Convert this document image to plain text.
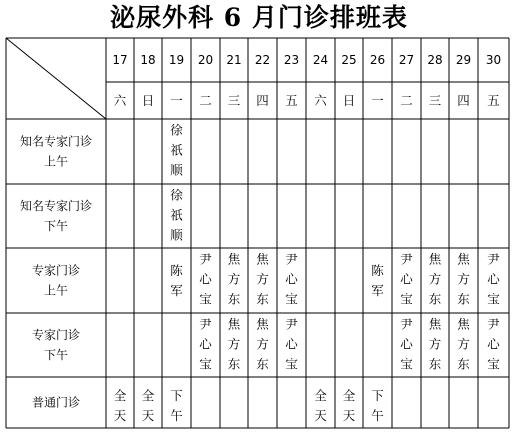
泌尿外科 6 月门诊排班表
17 18 19 20 21 22 23 24 25 26 27 28 29 30
六 日 一 二 三 四 五 六 日 一 二 三 四 五
知名专家门诊
上午
徐祇顺
知名专家门诊
下午
徐祇顺
专家门诊
上午
陈军
尹心宝
焦方东
焦方东
尹心宝
陈军
尹心宝
焦方东
焦方东
尹心宝
专家门诊
下午
尹心宝
焦方东
焦方东
尹心宝
尹心宝
焦方东
焦方东
尹心宝
普通门诊	全天
全天
下午
全天
全天
下午
